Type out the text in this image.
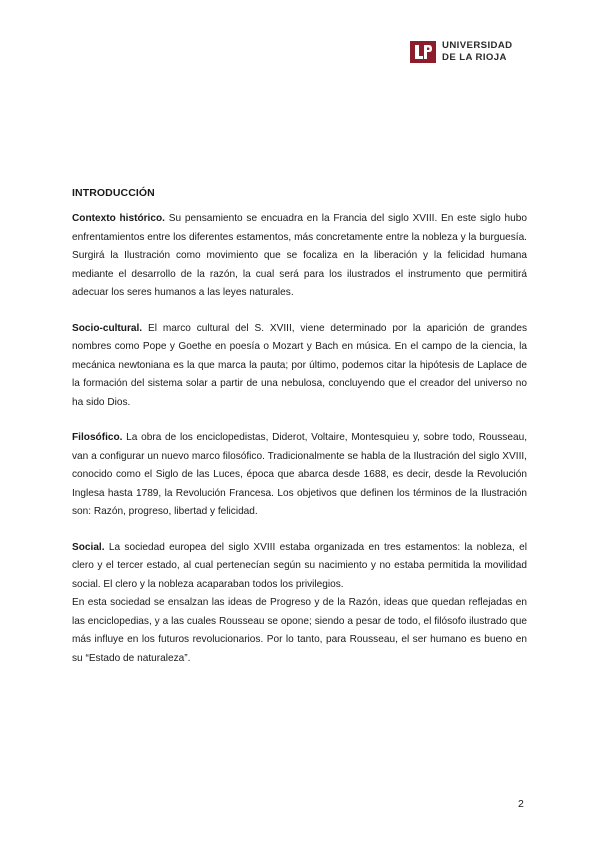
UNIVERSIDAD
DE LA RIOJA
INTRODUCCIÓN

Contexto histórico. Su pensamiento se encuadra en la Francia del siglo XVIII. En este siglo hubo enfrentamientos entre los diferentes estamentos, más concretamente entre la nobleza y la burguesía. Surgirá la Ilustración como movimiento que se focaliza en la liberación y la felicidad humana mediante el desarrollo de la razón, la cual será para los ilustrados el instrumento que permitirá adecuar los seres humanos a las leyes naturales.

Socio-cultural. El marco cultural del S. XVIII, viene determinado por la aparición de grandes nombres como Pope y Goethe en poesía o Mozart y Bach en música. En el campo de la ciencia, la mecánica newtoniana es la que marca la pauta; por último, podemos citar la hipótesis de Laplace de la formación del sistema solar a partir de una nebulosa, concluyendo que el creador del universo no ha sido Dios.

Filosófico. La obra de los enciclopedistas, Diderot, Voltaire, Montesquieu y, sobre todo, Rousseau, van a configurar un nuevo marco filosófico. Tradicionalmente se habla de la Ilustración del siglo XVIII, conocido como el Siglo de las Luces, época que abarca desde 1688, es decir, desde la Revolución Inglesa hasta 1789, la Revolución Francesa. Los objetivos que definen los términos de la Ilustración son: Razón, progreso, libertad y felicidad.

Social. La sociedad europea del siglo XVIII estaba organizada en tres estamentos: la nobleza, el clero y el tercer estado, al cual pertenecían según su nacimiento y no estaba permitida la movilidad social. El clero y la nobleza acaparaban todos los privilegios.

En esta sociedad se ensalzan las ideas de Progreso y de la Razón, ideas que quedan reflejadas en las enciclopedias, y a las cuales Rousseau se opone; siendo a pesar de todo, el filósofo ilustrado que más influye en los futuros revolucionarios. Por lo tanto, para Rousseau, el ser humano es bueno en su “Estado de naturaleza”.

2
